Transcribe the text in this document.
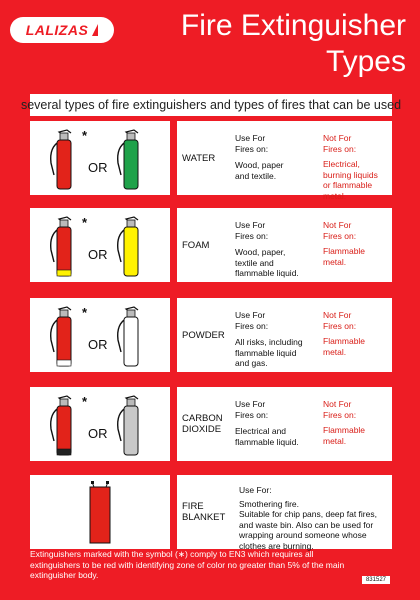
LALIZAS	Fire Extinguisher
Types
several types of fire extinguishers and types of fires that can be used
*
OR
WATER
Use For
Fires on:
Wood, paper
and textile.
Not For
Fires on:
Electrical,
burning liquids
or flammable
metal.
*
OR
FOAM
Use For
Fires on:
Wood, paper,
textile and
flammable liquid.
Not For
Fires on:
Flammable
metal.
*
OR
POWDER
Use For
Fires on:
All risks, including
flammable liquid
and gas.
Not For
Fires on:
Flammable
metal.
*
OR
CARBON
DIOXIDE
Use For
Fires on:
Electrical and
flammable liquid.
Not For
Fires on:
Flammable
metal.
FIRE
BLANKET
Use For:
Smothering fire.
Suitable for chip pans, deep fat fires,
and waste bin. Also can be used for
wrapping around someone whose
clothes are burning.
Extinguishers marked with the symbol (∗) comply to EN3 which requires all extinguishers to be red with identifying zone of color no greater than 5% of the main extinguisher body.	831527
